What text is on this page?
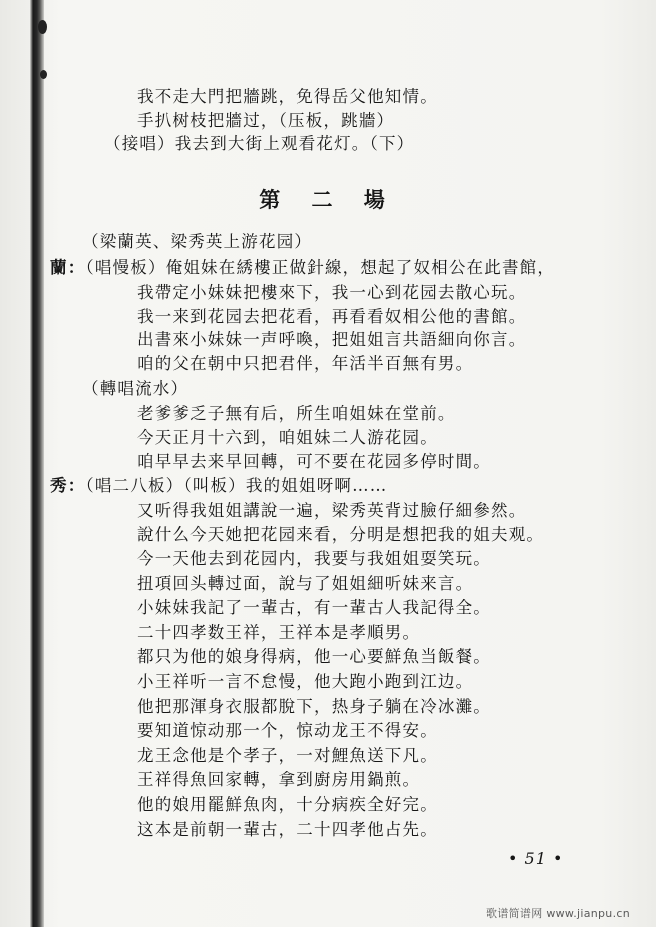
我不走大門把牆跳，免得岳父他知情。
手扒树枝把牆过，（压板，跳牆）
（接唱）我去到大街上观看花灯。（下）
第 二 場
（梁蘭英、梁秀英上游花园）
蘭：（唱慢板）俺姐妹在綉樓正做針線，想起了奴相公在此書館，
我帶定小妹妹把樓來下，我一心到花园去散心玩。
我一来到花园去把花看，再看看奴相公他的書館。
出書來小妹妹一声呼喚，把姐姐言共語細向你言。
咱的父在朝中只把君伴，年活半百無有男。
（轉唱流水）
老爹爹乏子無有后，所生咱姐妹在堂前。
今天正月十六到，咱姐妹二人游花园。
咱早早去来早回轉，可不要在花园多停时間。
秀：（唱二八板）（叫板）我的姐姐呀啊……
又听得我姐姐講說一遍，梁秀英背过臉仔細參然。
說什么今天她把花园来看，分明是想把我的姐夫观。
今一天他去到花园内，我要与我姐姐耍笑玩。
扭項回头轉过面，說与了姐姐細听妹来言。
小妹妹我記了一輩古，有一輩古人我記得全。
二十四孝数王祥，王祥本是孝順男。
都只为他的娘身得病，他一心要鮮魚当飯餐。
小王祥听一言不怠慢，他大跑小跑到江边。
他把那渾身衣服都脫下，热身子躺在冷冰灘。
要知道惊动那一个，惊动龙王不得安。
龙王念他是个孝子，一对鯉魚送下凡。
王祥得魚回家轉，拿到廚房用鍋煎。
他的娘用罷鮮魚肉，十分病疾全好完。
这本是前朝一輩古，二十四孝他占先。
• 51 •
歌谱简谱网 www.jianpu.cn
